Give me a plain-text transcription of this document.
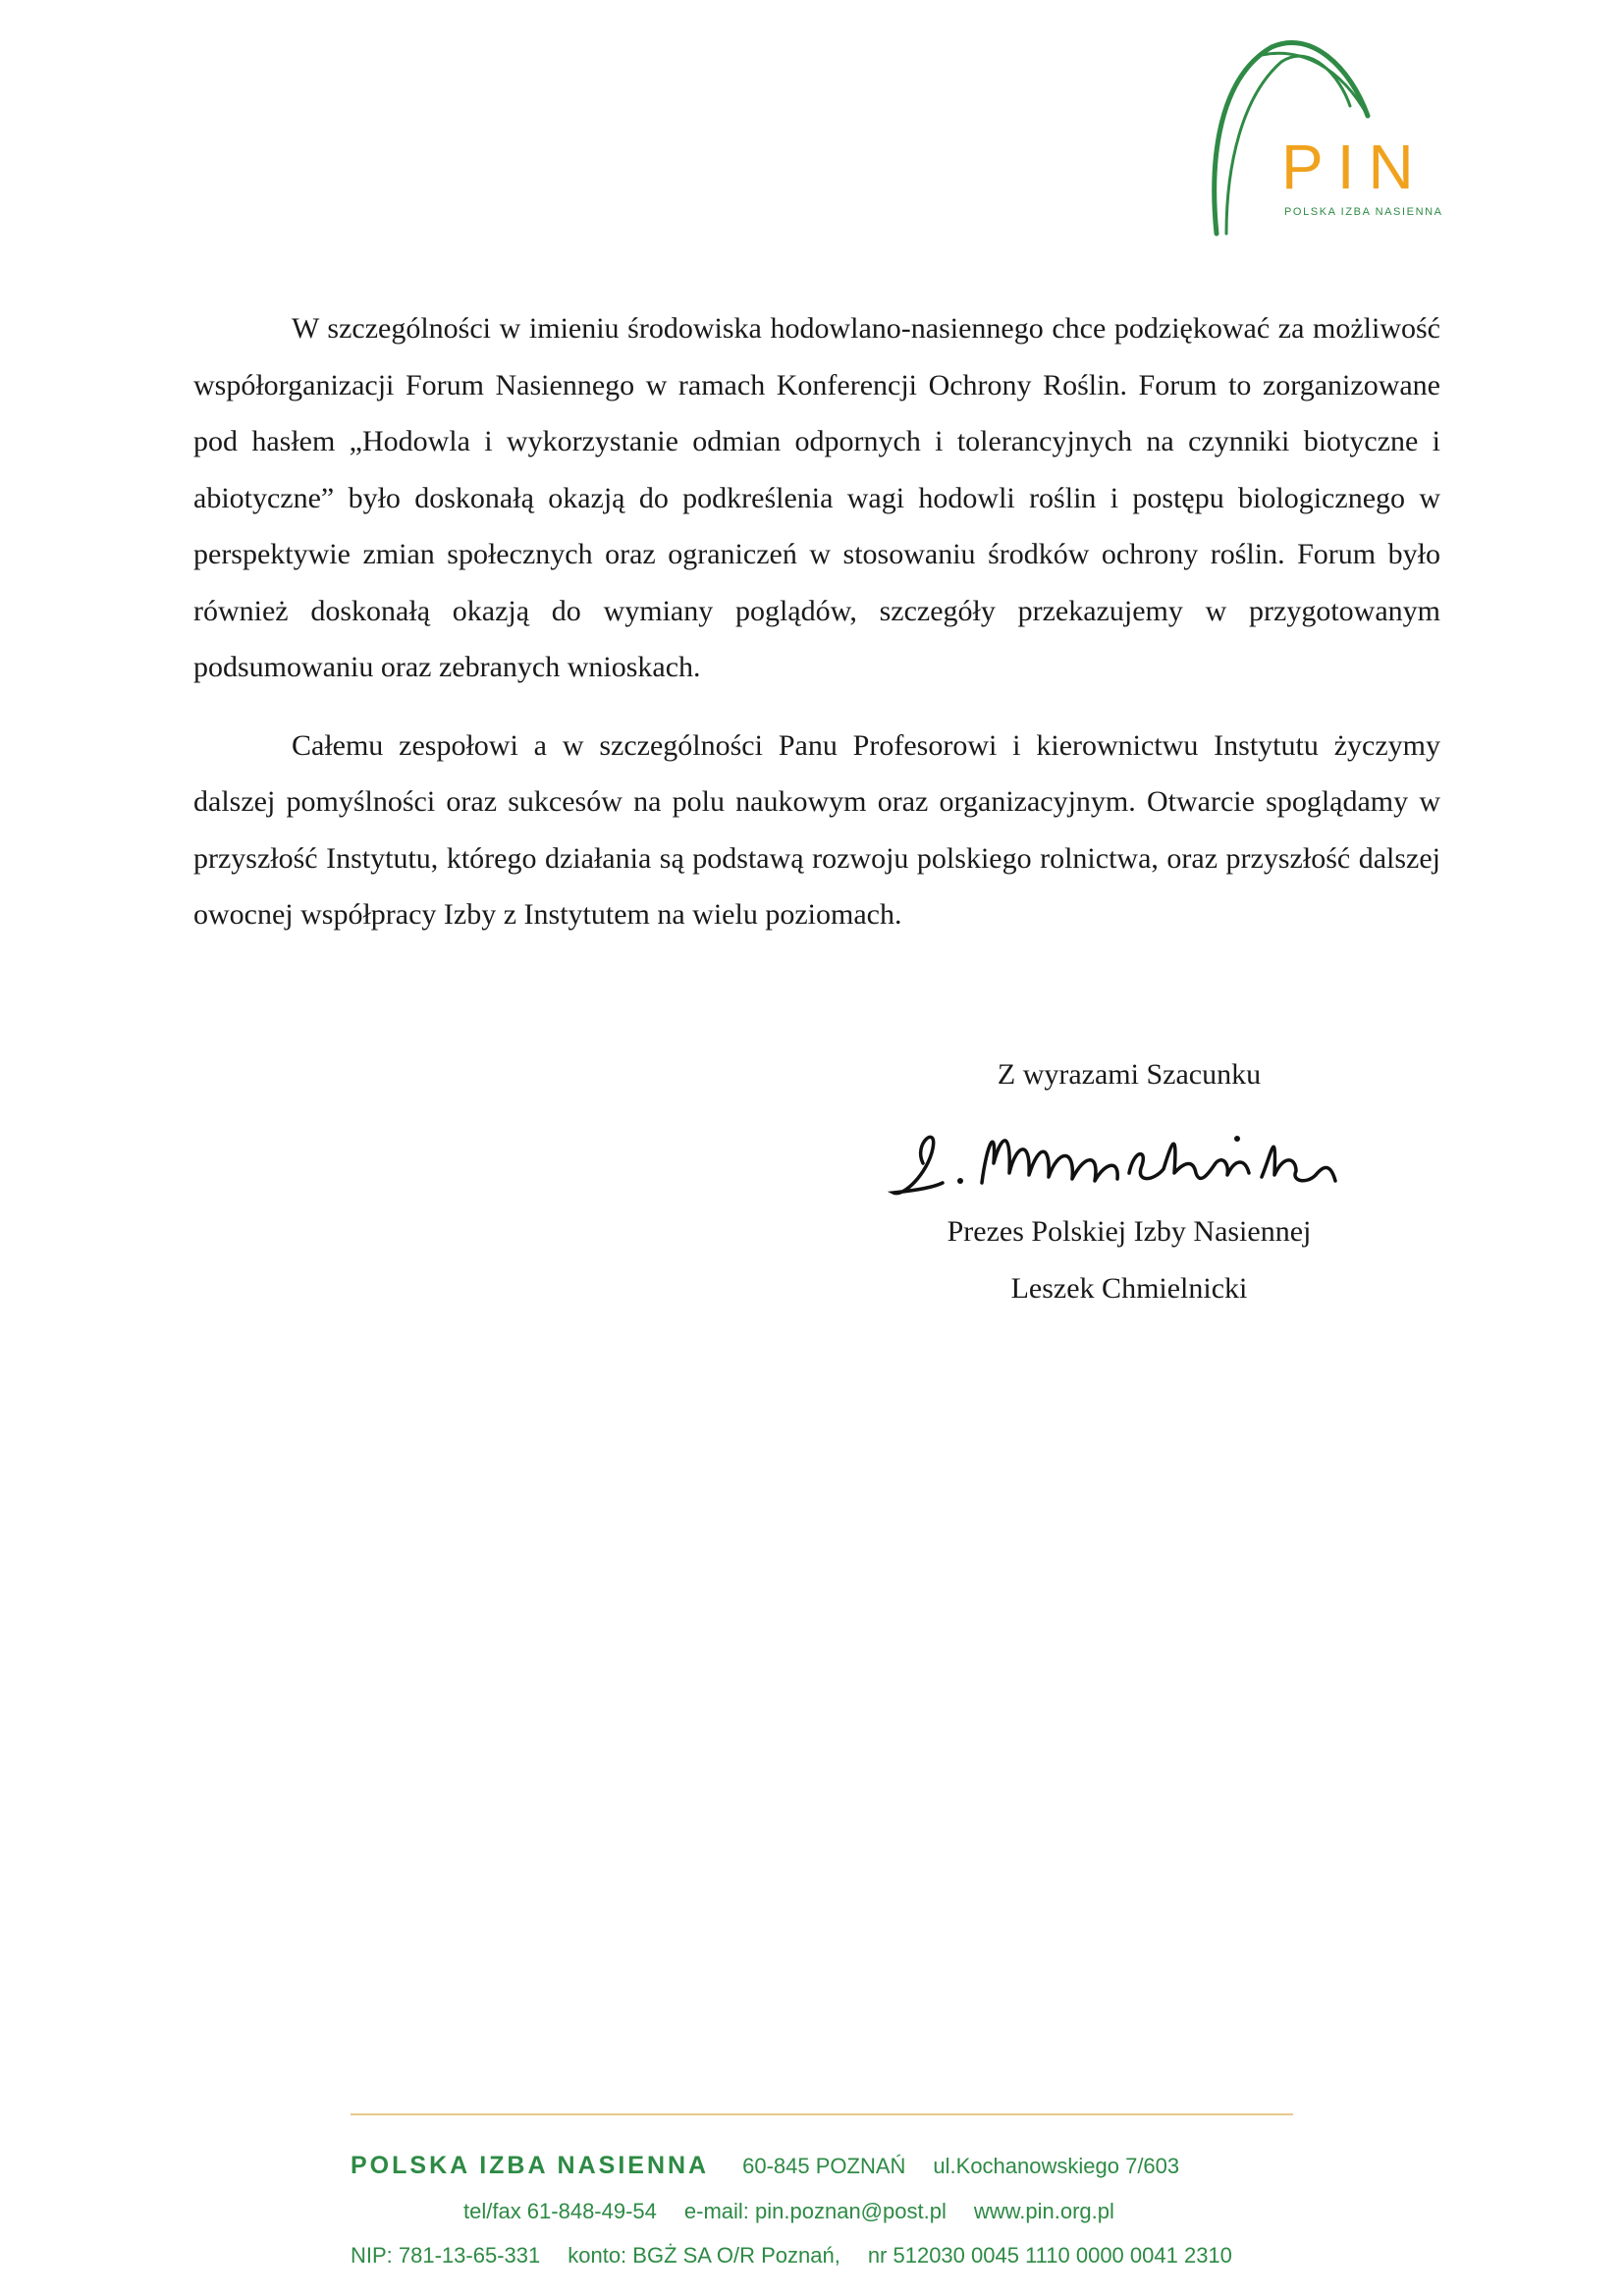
PIN
POLSKA IZBA NASIENNA

W szczególności w imieniu środowiska hodowlano-nasiennego chce podziękować za możliwość współorganizacji Forum Nasiennego w ramach Konferencji Ochrony Roślin. Forum to zorganizowane pod hasłem „Hodowla i wykorzystanie odmian odpornych i tolerancyjnych na czynniki biotyczne i abiotyczne” było doskonałą okazją do podkreślenia wagi hodowli roślin i postępu biologicznego w perspektywie zmian społecznych oraz ograniczeń w stosowaniu środków ochrony roślin. Forum było również doskonałą okazją do wymiany poglądów, szczegóły przekazujemy w przygotowanym podsumowaniu oraz zebranych wnioskach.

Całemu zespołowi a w szczególności Panu Profesorowi i kierownictwu Instytutu życzymy dalszej pomyślności oraz sukcesów na polu naukowym oraz organizacyjnym. Otwarcie spoglądamy w przyszłość Instytutu, którego działania są podstawą rozwoju polskiego rolnictwa, oraz przyszłość dalszej owocnej współpracy Izby z Instytutem na wielu poziomach.

Z wyrazami Szacunku
Prezes Polskiej Izby Nasiennej
Leszek Chmielnicki
POLSKA IZBA NASIENNA 60-845 POZNAŃ ul.Kochanowskiego 7/603
tel/fax 61-848-49-54 e-mail: pin.poznan@post.pl www.pin.org.pl
NIP: 781-13-65-331 konto: BGŻ SA O/R Poznań, nr 512030 0045 1110 0000 0041 2310
